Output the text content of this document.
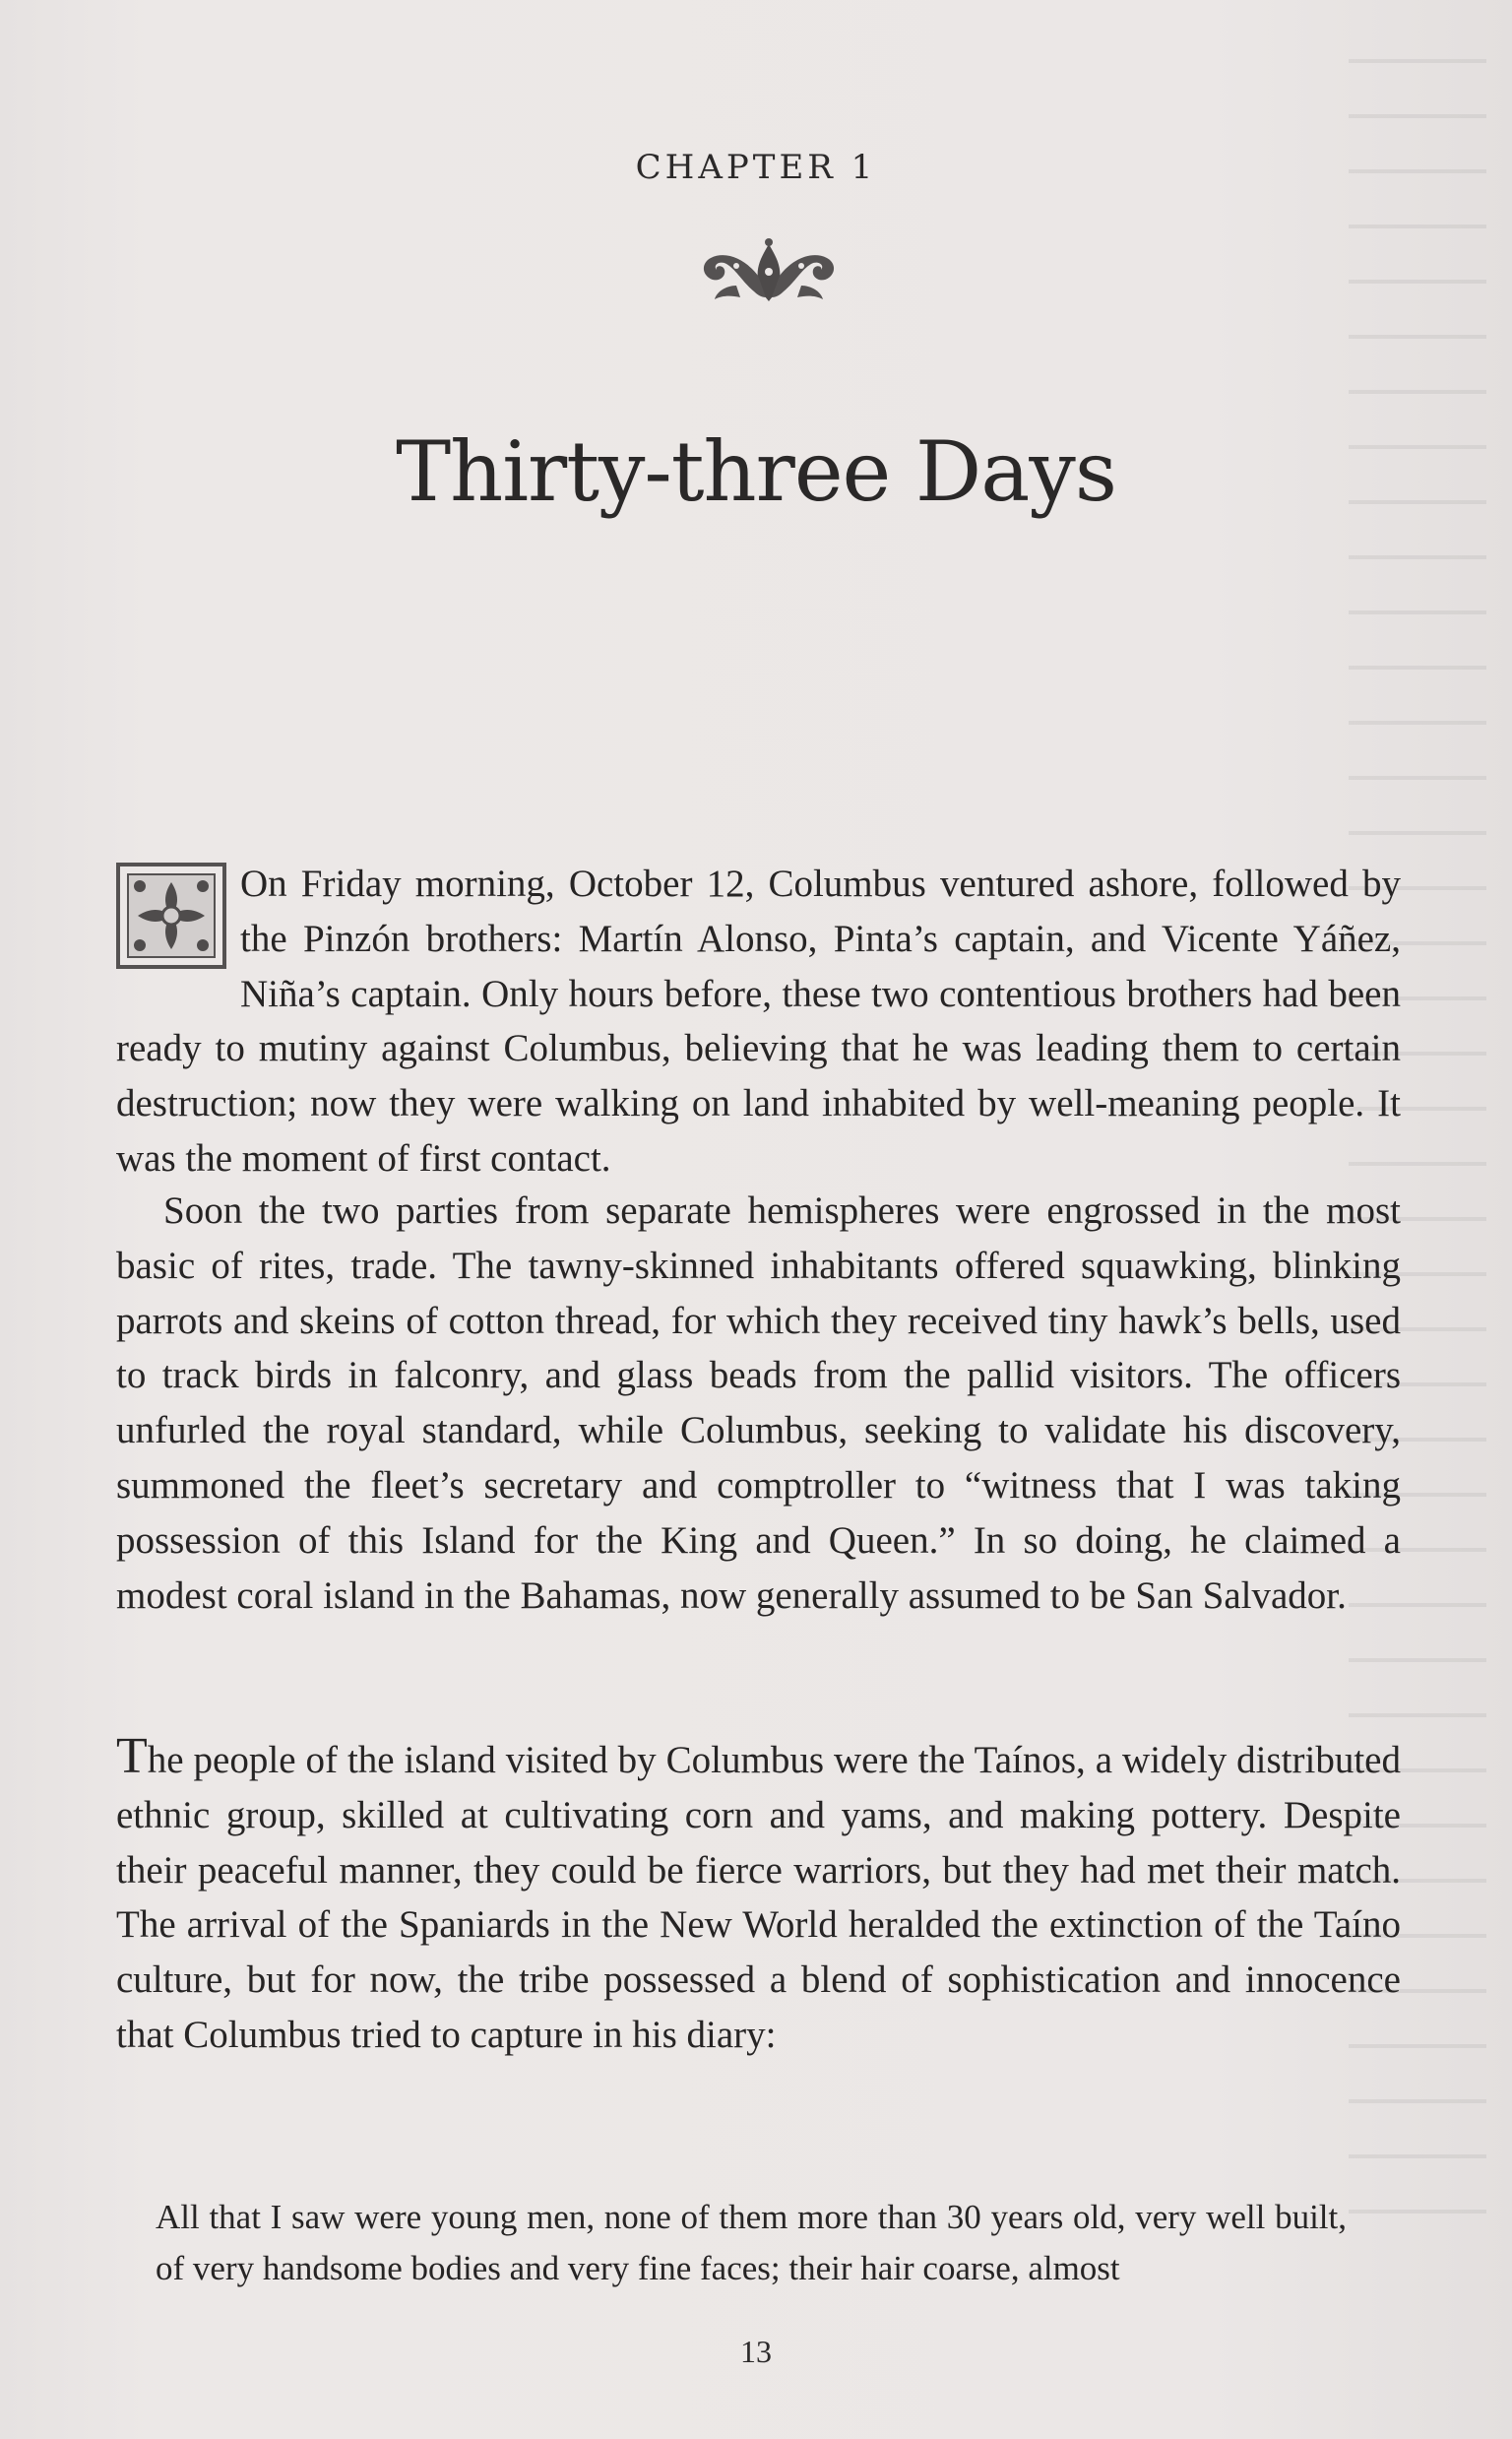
CHAPTER 1
Thirty-three Days

On Friday morning, October 12, Columbus ventured ashore, followed by the Pinzón brothers: Martín Alonso, Pinta’s captain, and Vicente Yáñez, Niña’s captain. Only hours before, these two contentious brothers had been ready to mutiny against Columbus, believing that he was leading them to certain destruction; now they were walking on land inhabited by well-meaning people. It was the moment of first contact.

Soon the two parties from separate hemispheres were engrossed in the most basic of rites, trade. The tawny-skinned inhabitants offered squawking, blinking parrots and skeins of cotton thread, for which they received tiny hawk’s bells, used to track birds in falconry, and glass beads from the pallid visitors. The officers unfurled the royal standard, while Columbus, seeking to validate his discovery, summoned the fleet’s secretary and comptroller to “witness that I was taking possession of this Island for the King and Queen.” In so doing, he claimed a modest coral island in the Bahamas, now generally assumed to be San Salvador.

The people of the island visited by Columbus were the Taínos, a widely distributed ethnic group, skilled at cultivating corn and yams, and making pottery. Despite their peaceful manner, they could be fierce warriors, but they had met their match. The arrival of the Spaniards in the New World heralded the extinction of the Taíno culture, but for now, the tribe possessed a blend of sophistication and innocence that Columbus tried to capture in his diary:

All that I saw were young men, none of them more than 30 years old, very well built, of very handsome bodies and very fine faces; their hair coarse, almost

13
